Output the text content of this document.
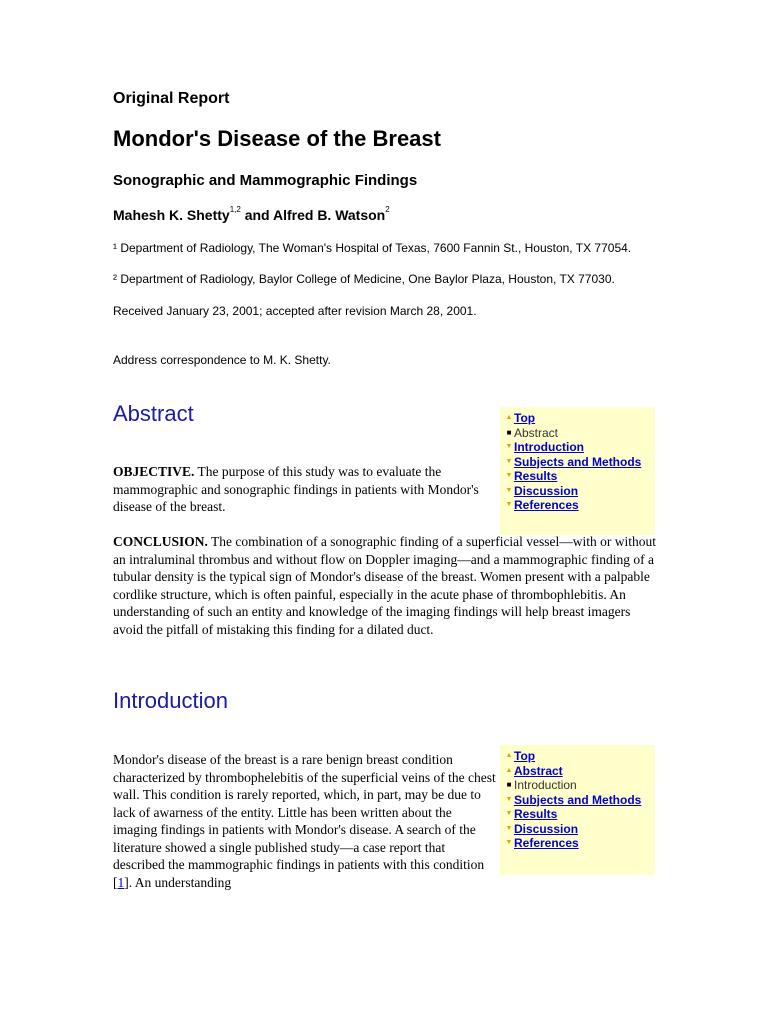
Original Report
Mondor's Disease of the Breast
Sonographic and Mammographic Findings
Mahesh K. Shetty$^{1,2}$ and Alfred B. Watson$^2$
¹ Department of Radiology, The Woman's Hospital of Texas, 7600 Fannin St., Houston, TX 77054.
² Department of Radiology, Baylor College of Medicine, One Baylor Plaza, Houston, TX 77030.
Received January 23, 2001; accepted after revision March 28, 2001.
Address correspondence to M. K. Shetty.
Abstract	▲ Top
■ Abstract
▼ Introduction
▼ Subjects and Methods
▼ Results
▼ Discussion
▼ References
OBJECTIVE. The purpose of this study was to evaluate the mammographic and sonographic findings in patients with Mondor's disease of the breast.
CONCLUSION. The combination of a sonographic finding of a superficial vessel—with or without an intraluminal thrombus and without flow on Doppler imaging—and a mammographic finding of a tubular density is the typical sign of Mondor's disease of the breast. Women present with a palpable cordlike structure, which is often painful, especially in the acute phase of thrombophlebitis. An understanding of such an entity and knowledge of the imaging findings will help breast imagers avoid the pitfall of mistaking this finding for a dilated duct.
Introduction
▲ Top
▲ Abstract
■ Introduction
▼ Subjects and Methods
▼ Results
▼ Discussion
▼ References
Mondor's disease of the breast is a rare benign breast condition characterized by thrombophelebitis of the superficial veins of the chest wall. This condition is rarely reported, which, in part, may be due to lack of awarness of the entity. Little has been written about the imaging findings in patients with Mondor's disease. A search of the literature showed a single published study—a case report that described the mammographic findings in patients with this condition [1]. An understanding
